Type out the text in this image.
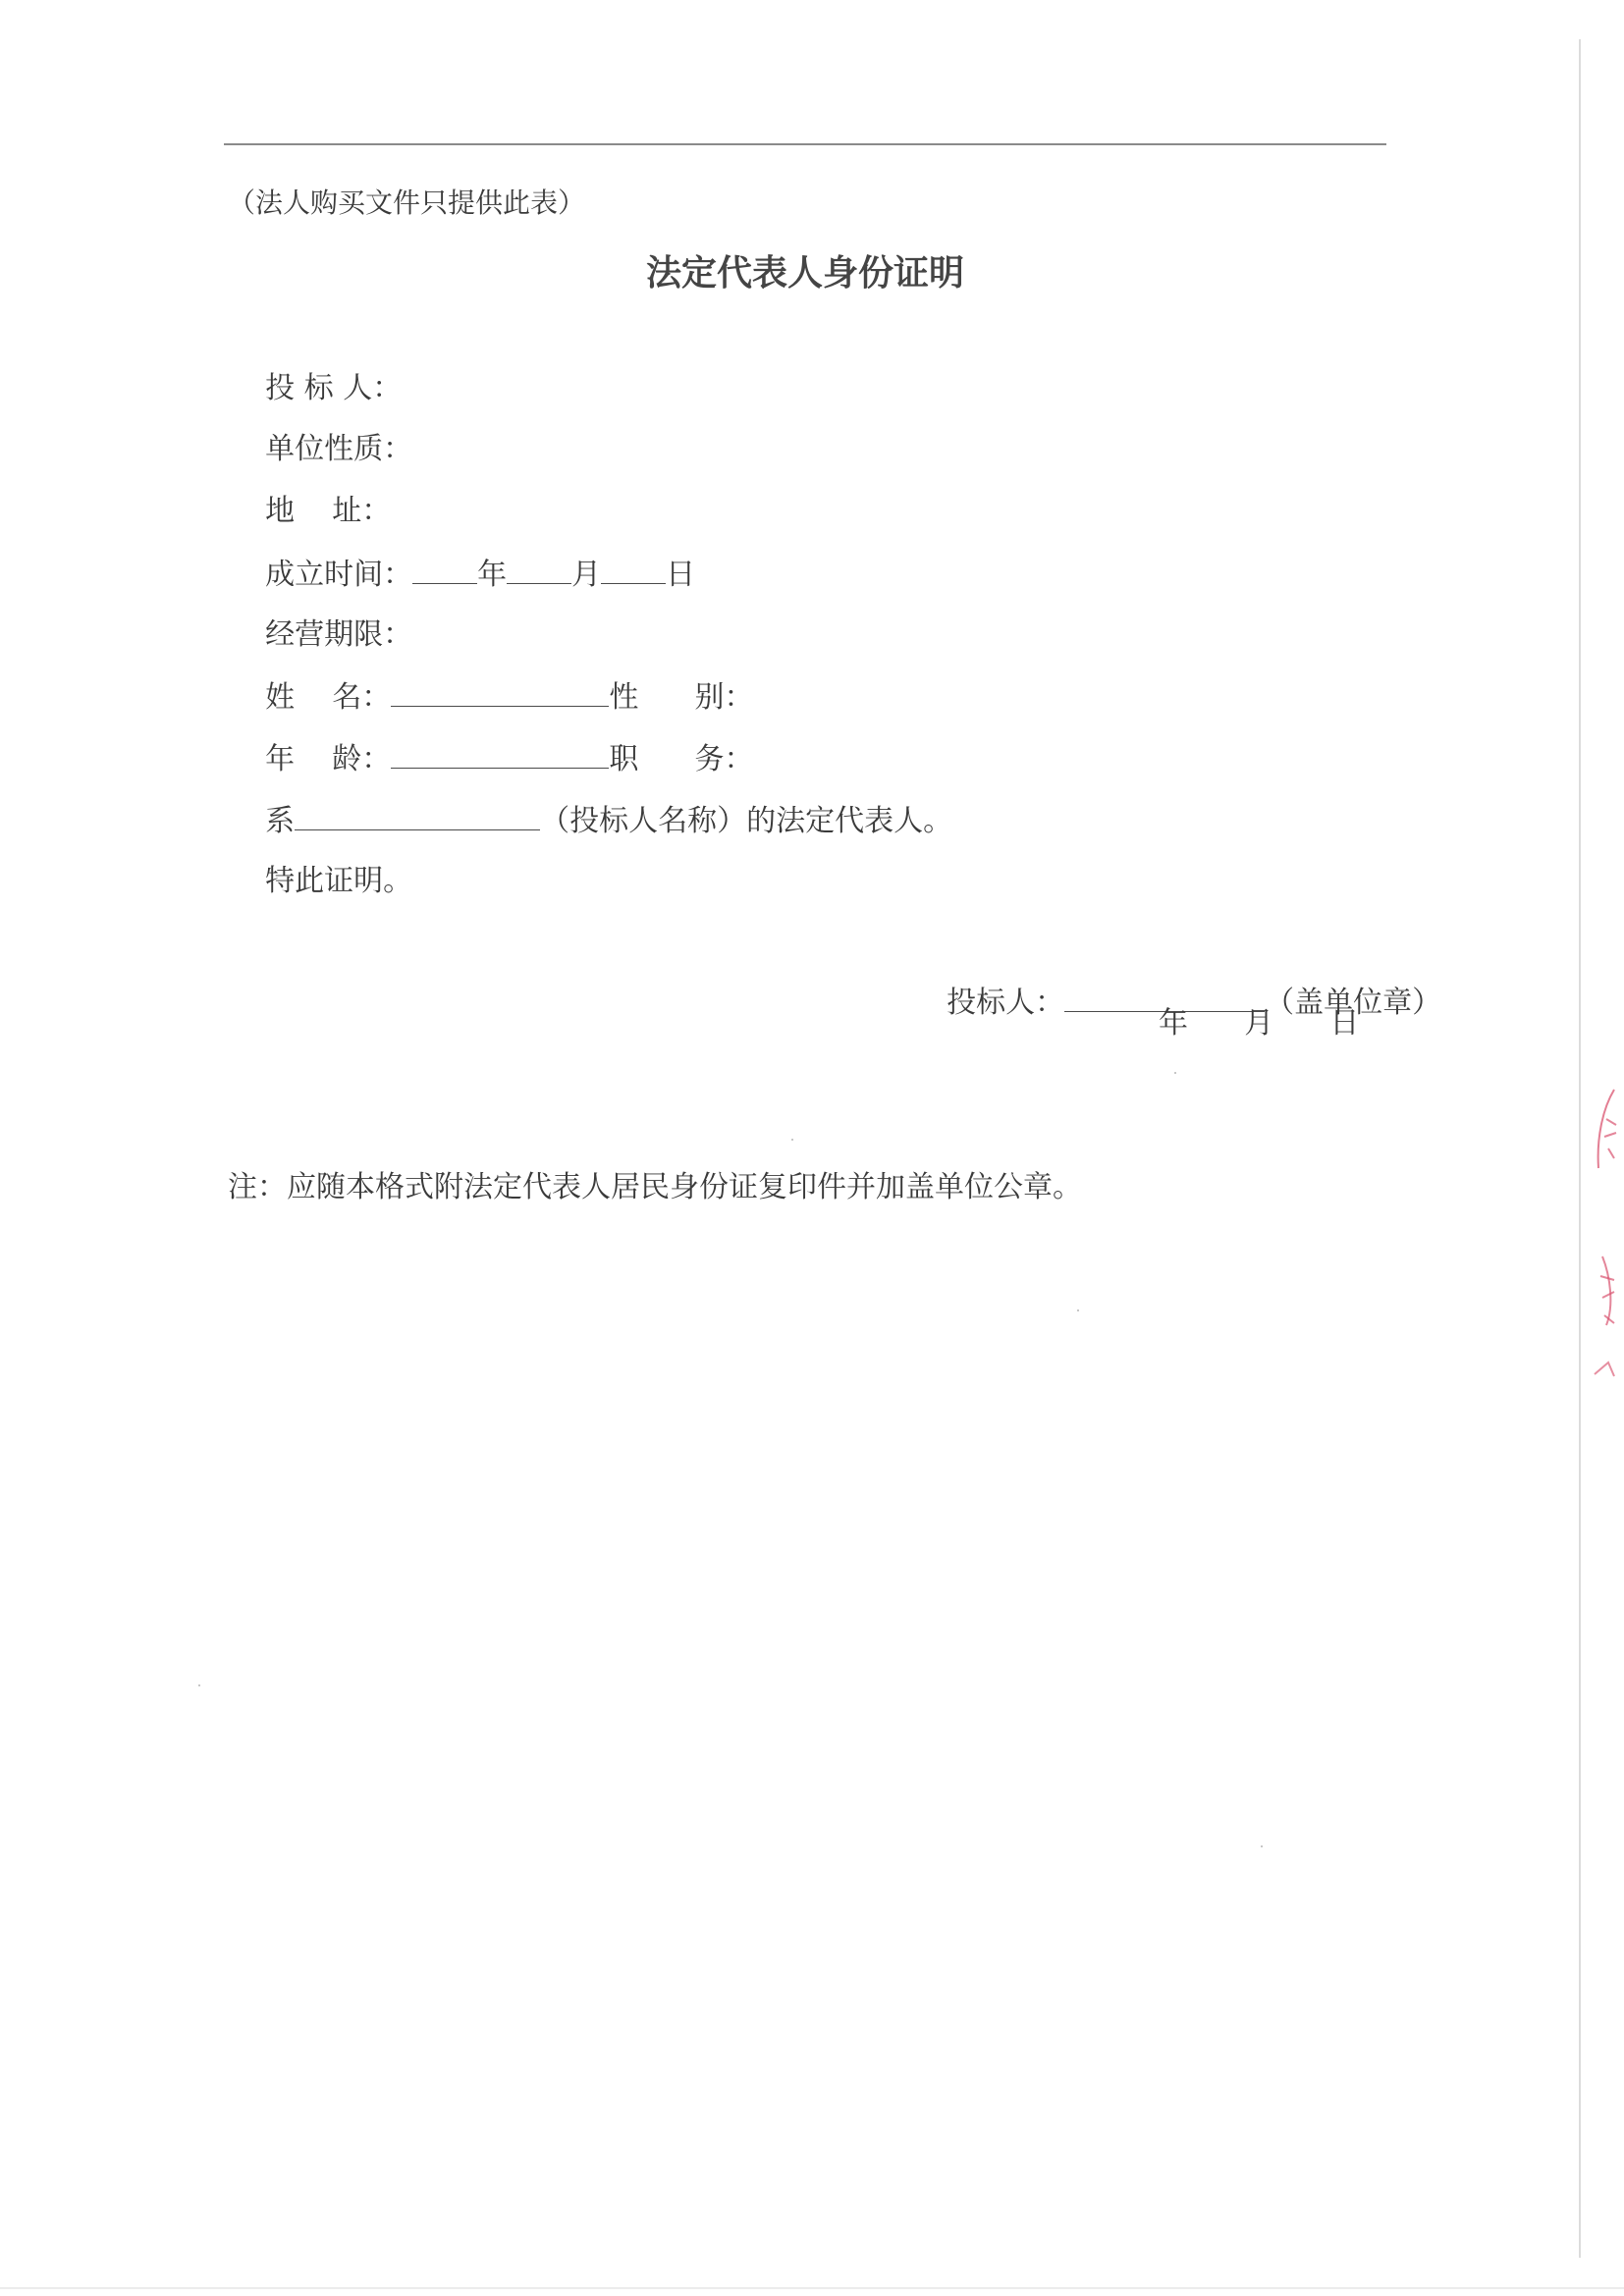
（法人购买文件只提供此表）
法定代表人身份证明

投 标 人：

单位性质：

地    址：

成立时间： 年 月 日

经营期限：

姓    名：	性      别：

年    龄：	职      务：

系	（投标人名称）的法定代表人。

特此证明。

投标人：	（盖单位章）

年      月      日
注：应随本格式附法定代表人居民身份证复印件并加盖单位公章。
